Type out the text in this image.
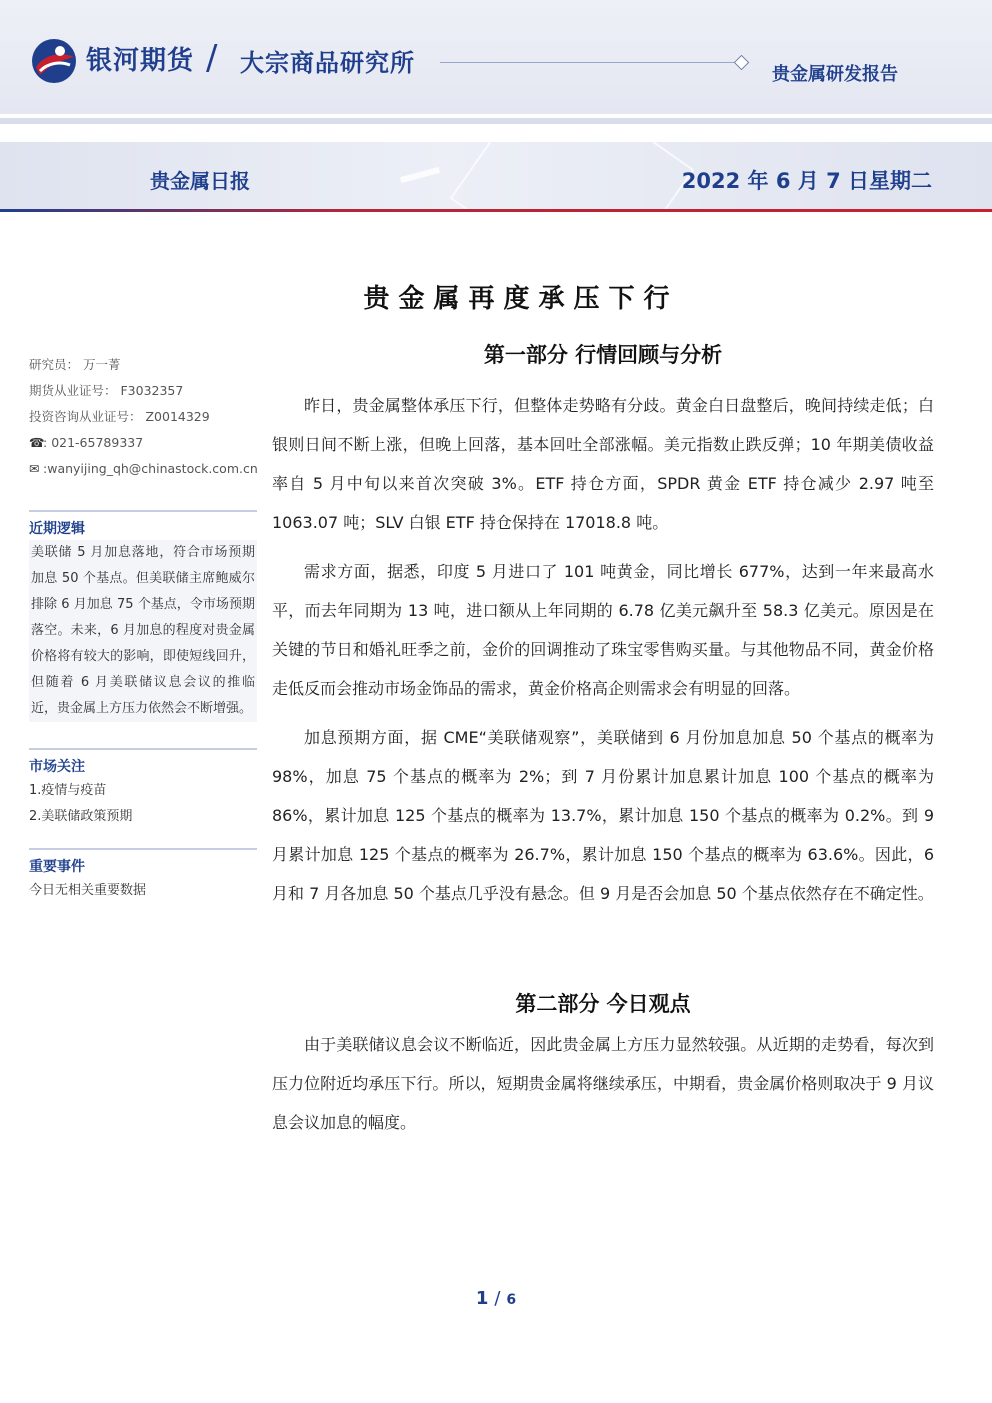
银河期货 / 大宗商品研究所	贵金属研发报告
贵金属日报	2022 年 6 月 7 日星期二
贵金属再度承压下行
研究员： 万一菁
期货从业证号： F3032357
投资咨询从业证号： Z0014329
☎: 021-65789337
✉ :wanyijing_qh@chinastock.com.cn
近期逻辑
美联储 5 月加息落地，符合市场预期加息 50 个基点。但美联储主席鲍威尔排除 6 月加息 75 个基点，令市场预期落空。未来，6 月加息的程度对贵金属价格将有较大的影响，即使短线回升，但随着 6 月美联储议息会议的推临近，贵金属上方压力依然会不断增强。
市场关注
1.疫情与疫苗
2.美联储政策预期
重要事件
今日无相关重要数据
第一部分 行情回顾与分析

昨日，贵金属整体承压下行，但整体走势略有分歧。黄金白日盘整后，晚间持续走低；白银则日间不断上涨，但晚上回落，基本回吐全部涨幅。美元指数止跌反弹；10 年期美债收益率自 5 月中旬以来首次突破 3%。ETF 持仓方面，SPDR 黄金 ETF 持仓减少 2.97 吨至 1063.07 吨；SLV 白银 ETF 持仓保持在 17018.8 吨。

需求方面，据悉，印度 5 月进口了 101 吨黄金，同比增长 677%，达到一年来最高水平，而去年同期为 13 吨，进口额从上年同期的 6.78 亿美元飙升至 58.3 亿美元。原因是在关键的节日和婚礼旺季之前，金价的回调推动了珠宝零售购买量。与其他物品不同，黄金价格走低反而会推动市场金饰品的需求，黄金价格高企则需求会有明显的回落。

加息预期方面，据 CME“美联储观察”，美联储到 6 月份加息加息 50 个基点的概率为 98%，加息 75 个基点的概率为 2%；到 7 月份累计加息累计加息 100 个基点的概率为 86%，累计加息 125 个基点的概率为 13.7%，累计加息 150 个基点的概率为 0.2%。到 9 月累计加息 125 个基点的概率为 26.7%，累计加息 150 个基点的概率为 63.6%。因此，6 月和 7 月各加息 50 个基点几乎没有悬念。但 9 月是否会加息 50 个基点依然存在不确定性。

第二部分 今日观点

由于美联储议息会议不断临近，因此贵金属上方压力显然较强。从近期的走势看，每次到压力位附近均承压下行。所以，短期贵金属将继续承压，中期看，贵金属价格则取决于 9 月议息会议加息的幅度。

1 / 6
